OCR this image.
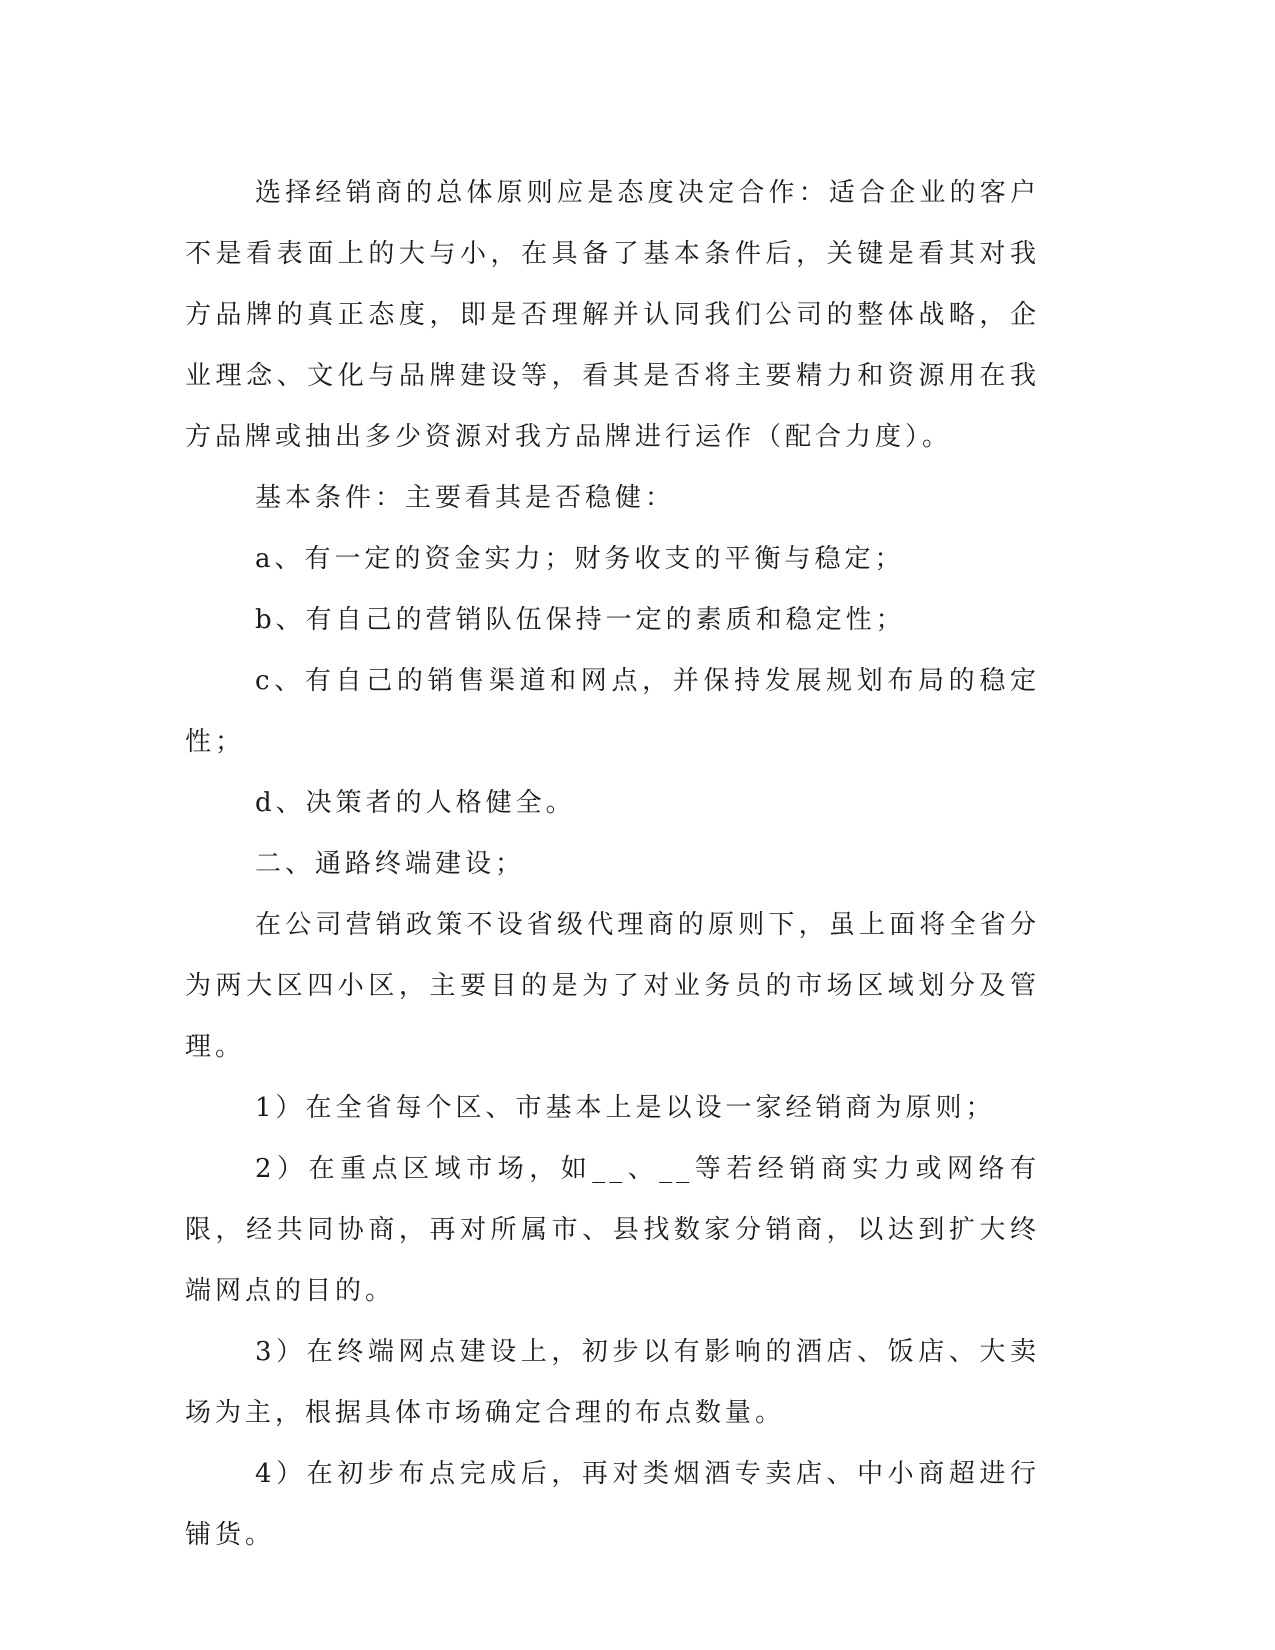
选择经销商的总体原则应是态度决定合作：适合企业的客户不是看表面上的大与小，在具备了基本条件后，关键是看其对我方品牌的真正态度，即是否理解并认同我们公司的整体战略，企业理念、文化与品牌建设等，看其是否将主要精力和资源用在我方品牌或抽出多少资源对我方品牌进行运作（配合力度）。

基本条件：主要看其是否稳健：

a、有一定的资金实力；财务收支的平衡与稳定；

b、有自己的营销队伍保持一定的素质和稳定性；

c、有自己的销售渠道和网点，并保持发展规划布局的稳定性；

d、决策者的人格健全。

二、通路终端建设；

在公司营销政策不设省级代理商的原则下，虽上面将全省分为两大区四小区，主要目的是为了对业务员的市场区域划分及管理。

1）在全省每个区、市基本上是以设一家经销商为原则；

2）在重点区域市场，如__、__等若经销商实力或网络有限，经共同协商，再对所属市、县找数家分销商，以达到扩大终端网点的目的。

3）在终端网点建设上，初步以有影响的酒店、饭店、大卖场为主，根据具体市场确定合理的布点数量。

4）在初步布点完成后，再对类烟酒专卖店、中小商超进行铺货。
